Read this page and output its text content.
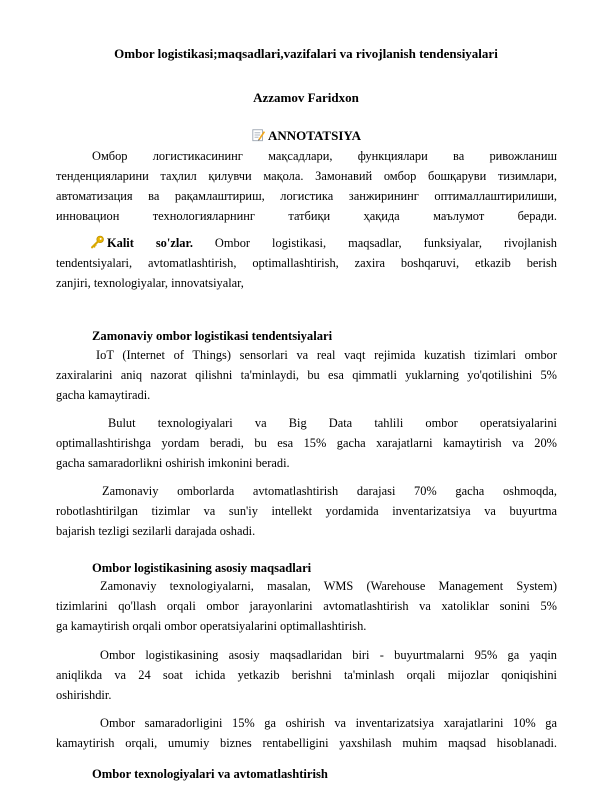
Ombor logistikasi;maqsadlari,vazifalari va rivojlanish tendensiyalari
Azzamov Faridxon
ANNOTATSIYA
Омбор логистикасининг мақсадлари, функциялари ва ривожланиш
тенденцияларини таҳлил қилувчи мақола. Замонавий омбор бошқаруви тизимлари,
автоматизация ва рақамлаштириш, логистика занжирининг оптималлаштирилиши,
инновацион технологияларнинг татбиқи ҳақида маълумот беради.
Kalit so'zlar. Ombor logistikasi, maqsadlar, funksiyalar, rivojlanish
tendentsiyalari, avtomatlashtirish, optimallashtirish, zaxira boshqaruvi, etkazib berish
zanjiri, texnologiyalar, innovatsiyalar,
Zamonaviy ombor logistikasi tendentsiyalari
IoT (Internet of Things) sensorlari va real vaqt rejimida kuzatish tizimlari ombor
zaxiralarini aniq nazorat qilishni ta'minlaydi, bu esa qimmatli yuklarning yo'qotilishini 5%
gacha kamaytiradi.
Bulut texnologiyalari va Big Data tahlili ombor operatsiyalarini
optimallashtirishga yordam beradi, bu esa 15% gacha xarajatlarni kamaytirish va 20%
gacha samaradorlikni oshirish imkonini beradi.
Zamonaviy omborlarda avtomatlashtirish darajasi 70% gacha oshmoqda,
robotlashtirilgan tizimlar va sun'iy intellekt yordamida inventarizatsiya va buyurtma
bajarish tezligi sezilarli darajada oshadi.
Ombor logistikasining asosiy maqsadlari
Zamonaviy texnologiyalarni, masalan, WMS (Warehouse Management System)
tizimlarini qo'llash orqali ombor jarayonlarini avtomatlashtirish va xatoliklar sonini 5%
ga kamaytirish orqali ombor operatsiyalarini optimallashtirish.
Ombor logistikasining asosiy maqsadlaridan biri - buyurtmalarni 95% ga yaqin
aniqlikda va 24 soat ichida yetkazib berishni ta'minlash orqali mijozlar qoniqishini
oshirishdir.
Ombor samaradorligini 15% ga oshirish va inventarizatsiya xarajatlarini 10% ga
kamaytirish orqali, umumiy biznes rentabelligini yaxshilash muhim maqsad hisoblanadi.
Ombor texnologiyalari va avtomatlashtirish
